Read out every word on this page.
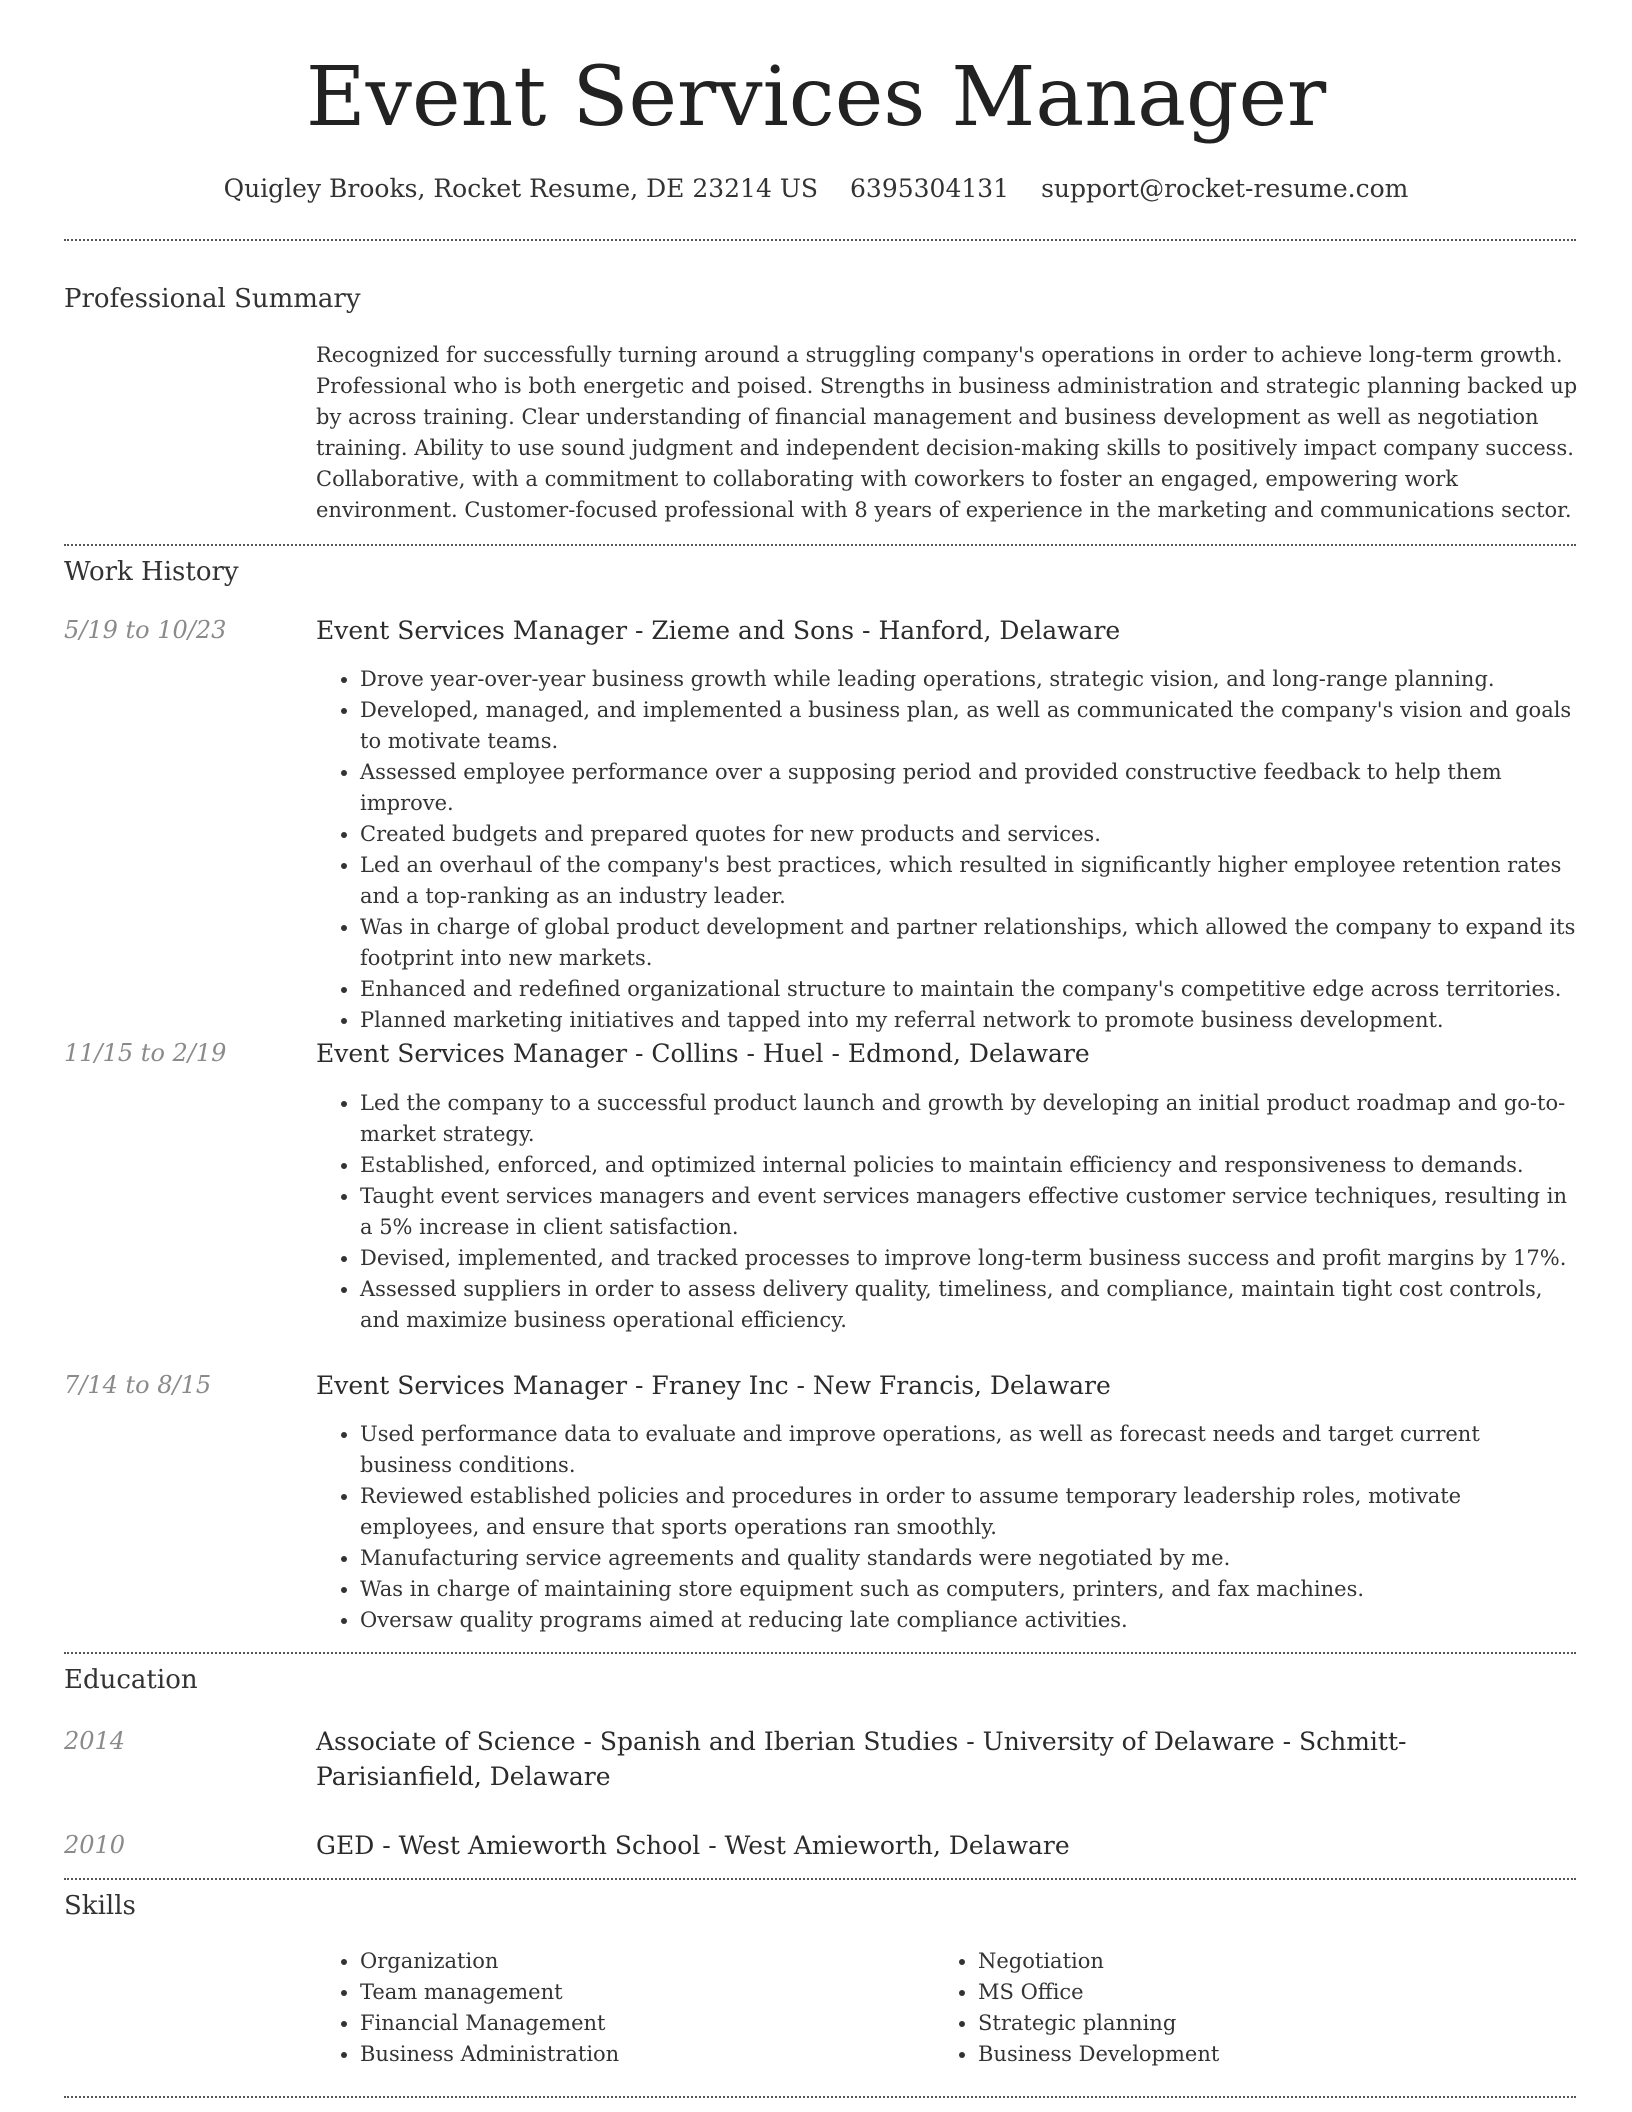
Event Services Manager
Quigley Brooks, Rocket Resume, DE 23214 US 6395304131 support@rocket-resume.com
Professional Summary

Recognized for successfully turning around a struggling company's operations in order to achieve long-term growth. Professional who is both energetic and poised. Strengths in business administration and strategic planning backed up by across training. Clear understanding of financial management and business development as well as negotiation training. Ability to use sound judgment and independent decision-making skills to positively impact company success. Collaborative, with a commitment to collaborating with coworkers to foster an engaged, empowering work environment. Customer-focused professional with 8 years of experience in the marketing and communications sector.

Work History
5/19 to 10/23	Event Services Manager - Zieme and Sons - Hanford, Delaware
• Drove year-over-year business growth while leading operations, strategic vision, and long-range planning.
• Developed, managed, and implemented a business plan, as well as communicated the company's vision and goals to motivate teams.
• Assessed employee performance over a supposing period and provided constructive feedback to help them improve.
• Created budgets and prepared quotes for new products and services.
• Led an overhaul of the company's best practices, which resulted in significantly higher employee retention rates and a top-ranking as an industry leader.
• Was in charge of global product development and partner relationships, which allowed the company to expand its footprint into new markets.
• Enhanced and redefined organizational structure to maintain the company's competitive edge across territories.
• Planned marketing initiatives and tapped into my referral network to promote business development.
11/15 to 2/19	Event Services Manager - Collins - Huel - Edmond, Delaware
• Led the company to a successful product launch and growth by developing an initial product roadmap and go-to-market strategy.
• Established, enforced, and optimized internal policies to maintain efficiency and responsiveness to demands.
• Taught event services managers and event services managers effective customer service techniques, resulting in a 5% increase in client satisfaction.
• Devised, implemented, and tracked processes to improve long-term business success and profit margins by 17%.
• Assessed suppliers in order to assess delivery quality, timeliness, and compliance, maintain tight cost controls, and maximize business operational efficiency.
7/14 to 8/15	Event Services Manager - Franey Inc - New Francis, Delaware
• Used performance data to evaluate and improve operations, as well as forecast needs and target current business conditions.
• Reviewed established policies and procedures in order to assume temporary leadership roles, motivate employees, and ensure that sports operations ran smoothly.
• Manufacturing service agreements and quality standards were negotiated by me.
• Was in charge of maintaining store equipment such as computers, printers, and fax machines.
• Oversaw quality programs aimed at reducing late compliance activities.
Education
2014	Associate of Science - Spanish and Iberian Studies - University of Delaware - Schmitt-Parisianfield, Delaware
2010	GED - West Amieworth School - West Amieworth, Delaware
Skills
• Organization
• Team management
• Financial Management
• Business Administration
• Negotiation
• MS Office
• Strategic planning
• Business Development
